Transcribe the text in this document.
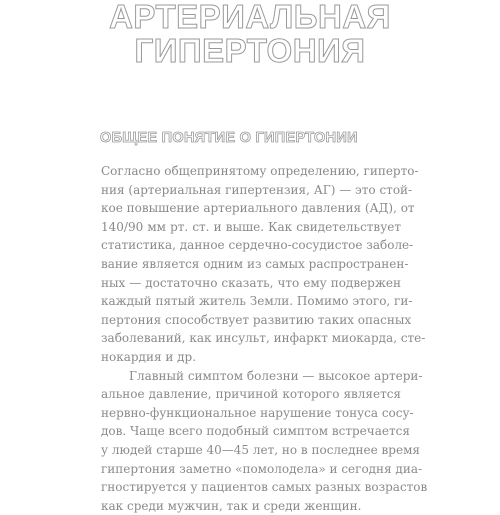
АРТЕРИАЛЬНАЯ
ГИПЕРТОНИЯ
ОБЩЕЕ ПОНЯТИЕ О ГИПЕРТОНИИ
Согласно общепринятому определению, гиперто-
ния (артериальная гипертензия, АГ) — это стой-
кое повышение артериального давления (АД), от
140/90 мм рт. ст. и выше. Как свидетельствует
статистика, данное сердечно-сосудистое заболе-
вание является одним из самых распространен-
ных — достаточно сказать, что ему подвержен
каждый пятый житель Земли. Помимо этого, ги-
пертония способствует развитию таких опасных
заболеваний, как инсульт, инфаркт миокарда, сте-
нокардия и др.
Главный симптом болезни — высокое артери-
альное давление, причиной которого является
нервно-функциональное нарушение тонуса сосу-
дов. Чаще всего подобный симптом встречается
у людей старше 40—45 лет, но в последнее время
гипертония заметно «помолодела» и сегодня диа-
гностируется у пациентов самых разных возрастов
как среди мужчин, так и среди женщин.
